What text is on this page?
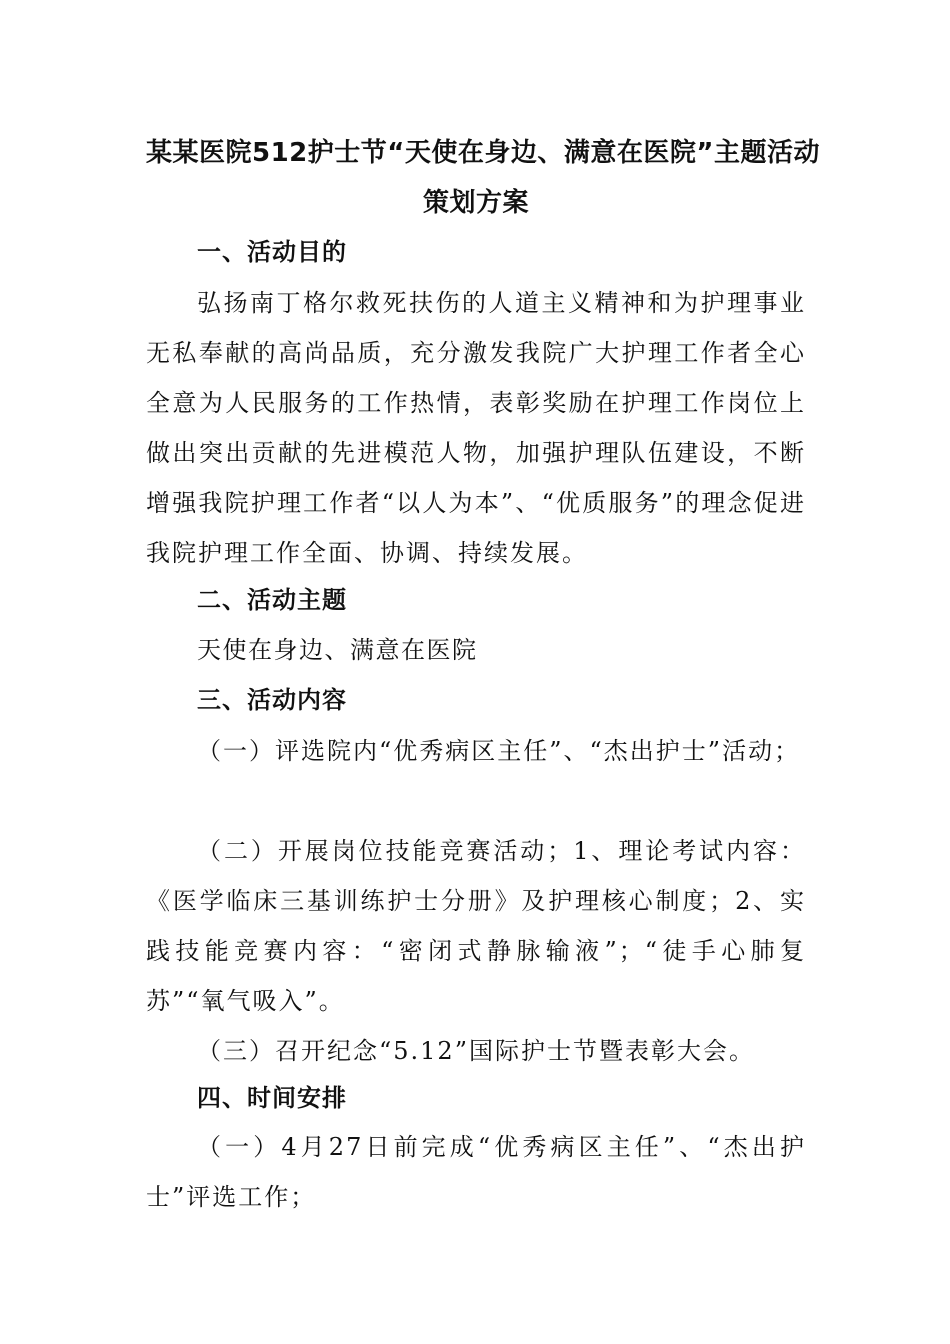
某某医院512护士节“天使在身边、满意在医院”主题活动
策划方案
一、活动目的
弘扬南丁格尔救死扶伤的人道主义精神和为护理事业无私奉献的高尚品质，充分激发我院广大护理工作者全心全意为人民服务的工作热情，表彰奖励在护理工作岗位上做出突出贡献的先进模范人物，加强护理队伍建设，不断增强我院护理工作者“以人为本”、“优质服务”的理念促进我院护理工作全面、协调、持续发展。
二、活动主题
天使在身边、满意在医院
三、活动内容
（一）评选院内“优秀病区主任”、“杰出护士”活动；
（二）开展岗位技能竞赛活动；1、理论考试内容：《医学临床三基训练护士分册》及护理核心制度；2、实践技能竞赛内容：“密闭式静脉输液”；“徒手心肺复苏”“氧气吸入”。
（三）召开纪念“5.12”国际护士节暨表彰大会。
四、时间安排
（一）4月27日前完成“优秀病区主任”、“杰出护士”评选工作；
